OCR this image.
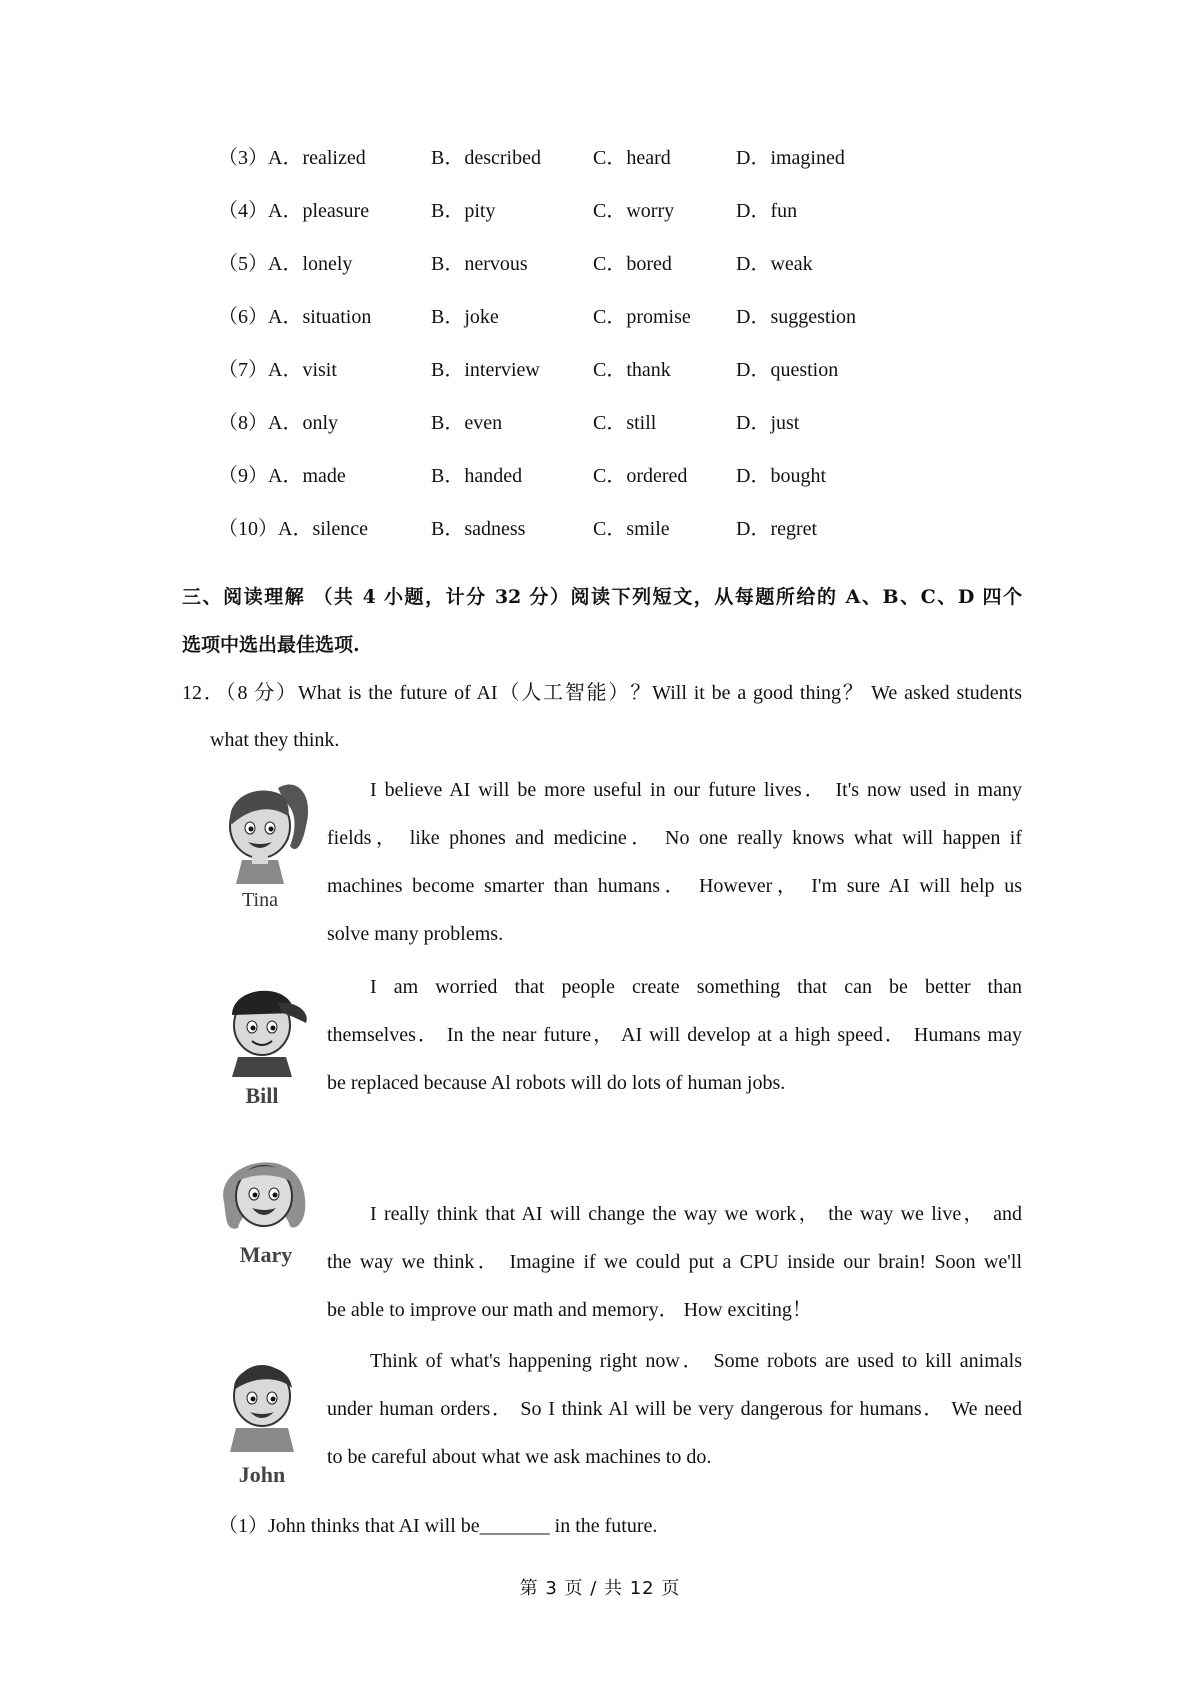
（3）A．realized	B．described	C．heard	D．imagined
（4）A．pleasure	B．pity	C．worry	D．fun
（5）A．lonely	B．nervous	C．bored	D．weak
（6）A．situation	B．joke	C．promise D．suggestion
（7）A．visit	B．interview	C．thank	D．question
（8）A．only	B．even	C．still	D．just
（9）A．made	B．handed	C．ordered D．bought
（10）A．silence	B．sadness	C．smile	D．regret
三、阅读理解 （共 4 小题，计分 32 分）阅读下列短文，从每题所给的 A、B、C、D 四个
选项中选出最佳选项.
12．（8 分）What is the future of AI（人工智能）？Will it be a good thing？ We asked students
what they think.
Tina
I believe AI will be more useful in our future lives． It's now used in many
fields， like phones and medicine． No one really knows what will happen if
machines become smarter than humans． However， I'm sure AI will help us
solve many problems.
Bill
I am worried that people create something that can be better than
themselves． In the near future， AI will develop at a high speed． Humans may
be replaced because Al robots will do lots of human jobs.
Mary
I really think that AI will change the way we work， the way we live， and
the way we think． Imagine if we could put a CPU inside our brain! Soon we'll
be able to improve our math and memory． How exciting！
John
Think of what's happening right now． Some robots are used to kill animals
under human orders． So I think Al will be very dangerous for humans． We need
to be careful about what we ask machines to do.
（1）John thinks that AI will be_______ in the future.
第 3 页 / 共 12 页
